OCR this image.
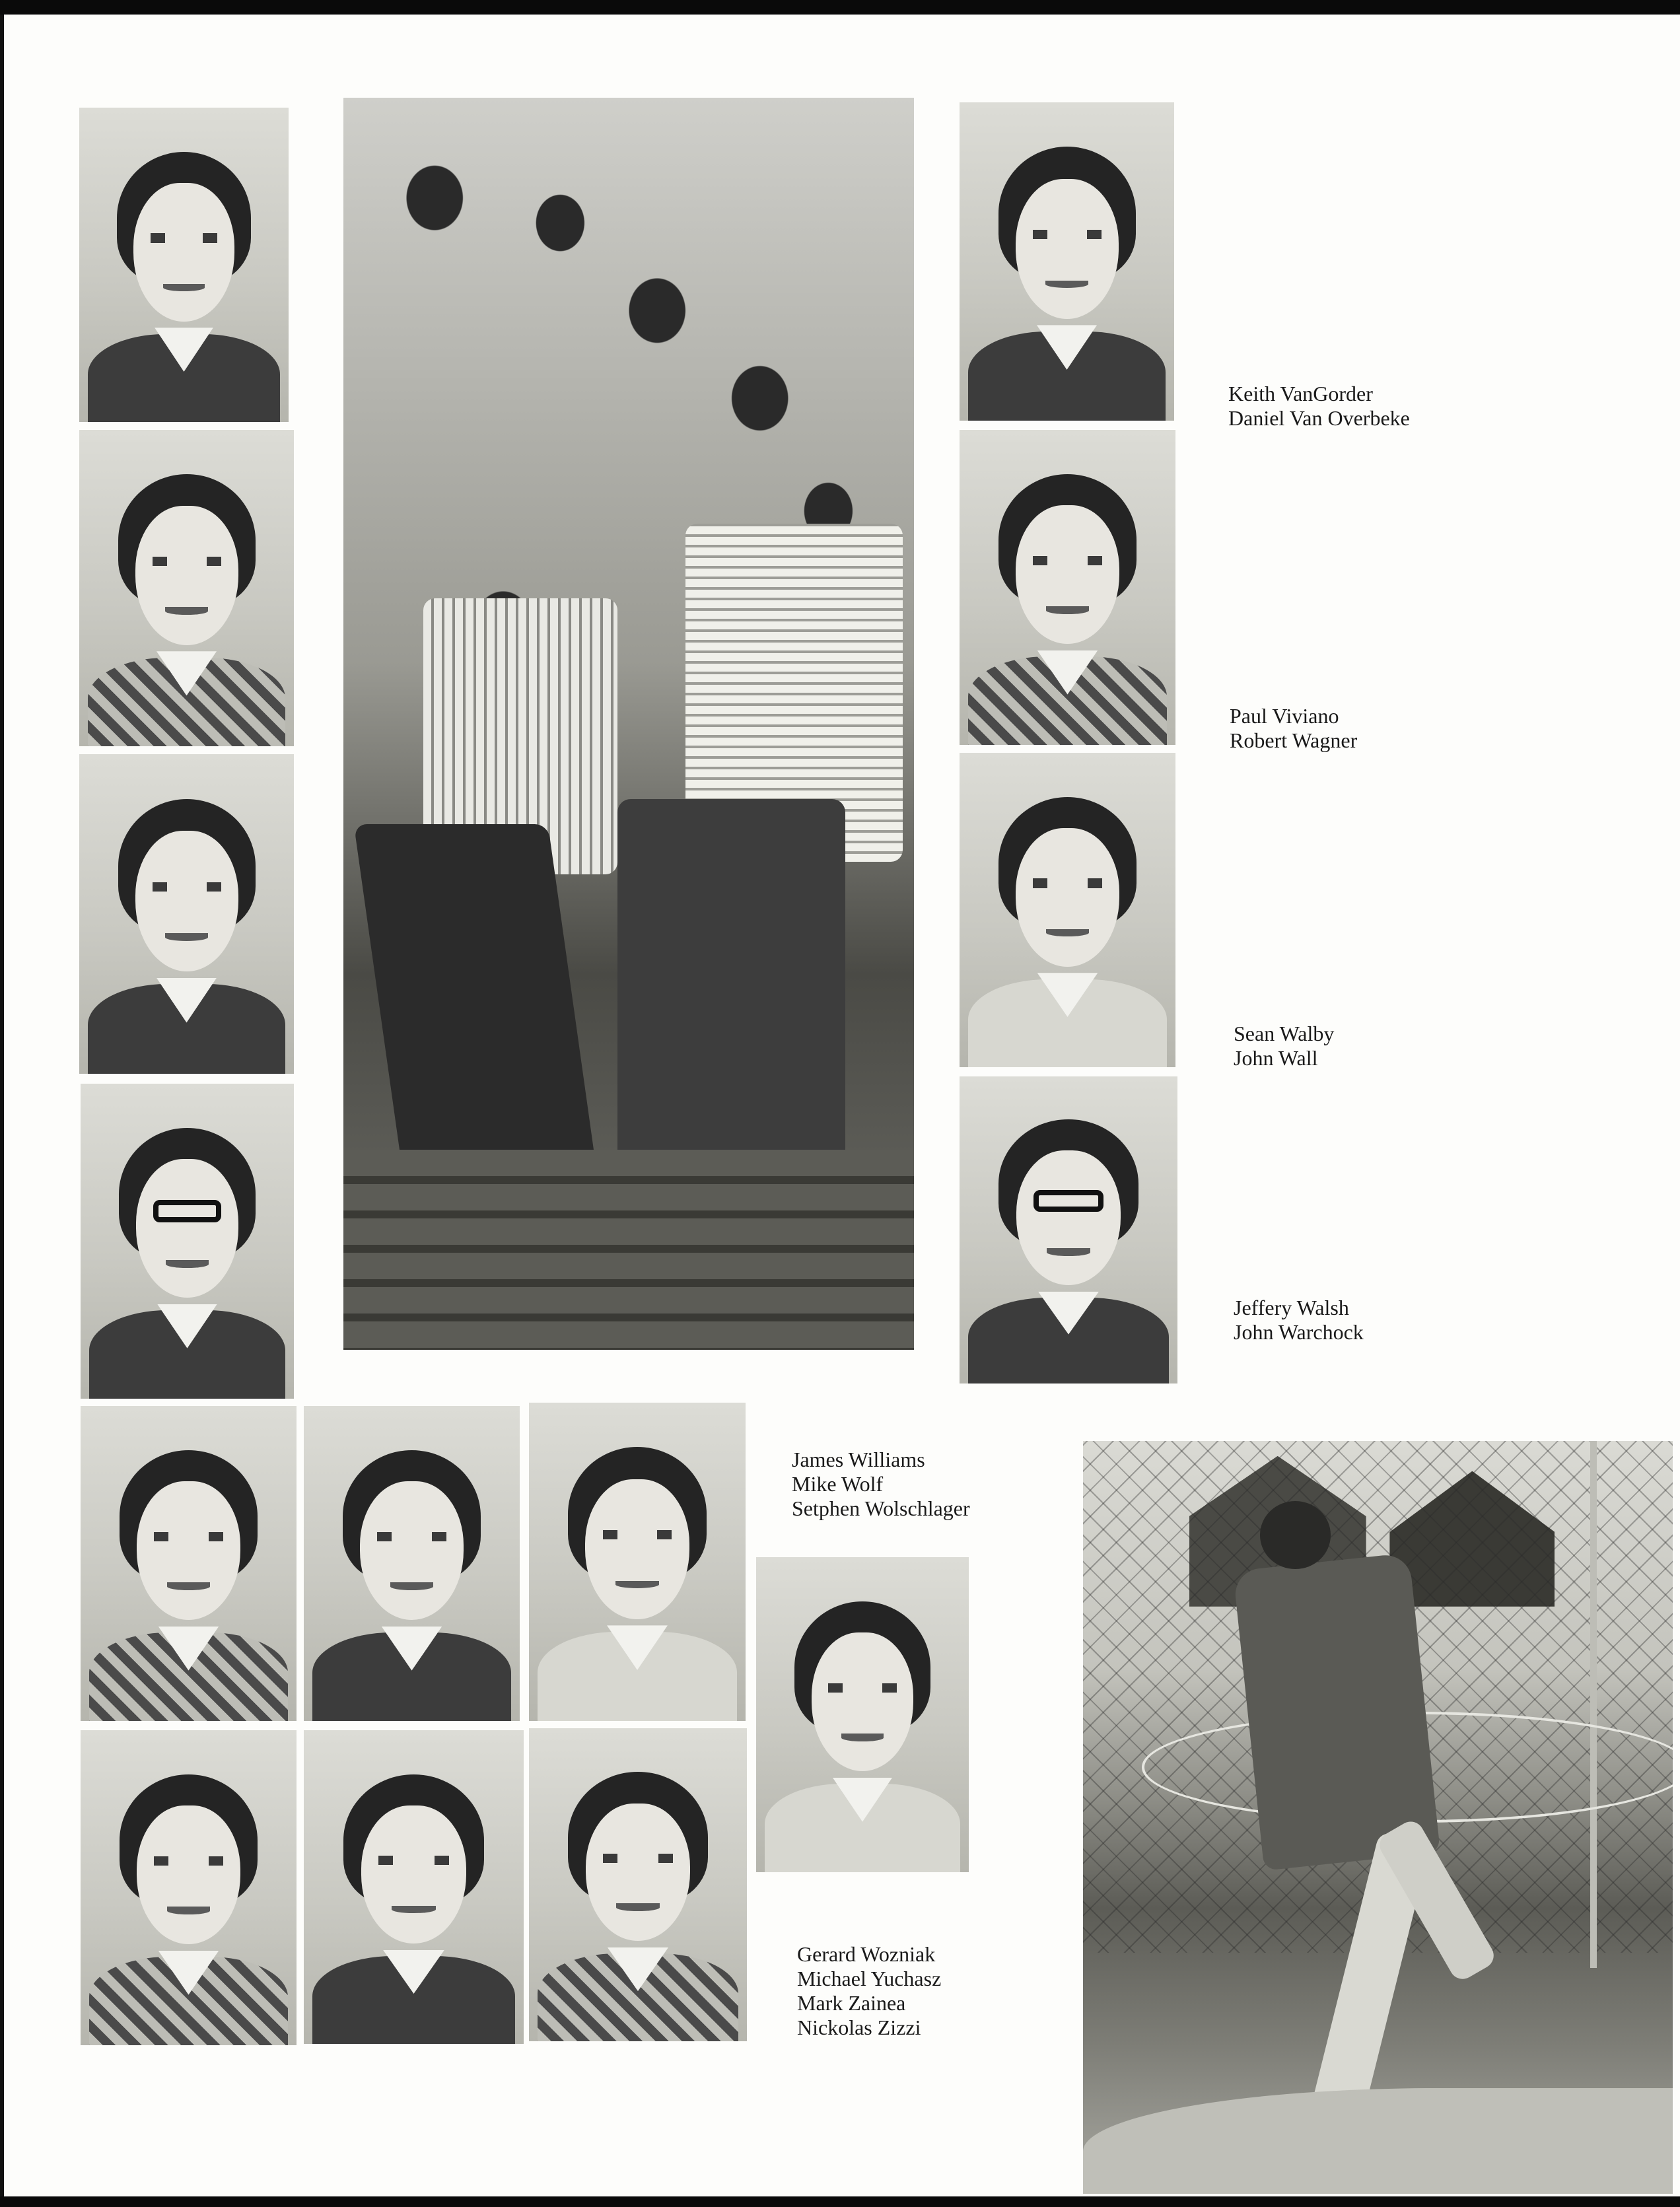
Keith VanGorder
Daniel Van Overbeke
Paul Viviano
Robert Wagner
Sean Walby
John Wall
Jeffery Walsh
John Warchock
James Williams
Mike Wolf
Setphen Wolschlager
Gerard Wozniak
Michael Yuchasz
Mark Zainea
Nickolas Zizzi
